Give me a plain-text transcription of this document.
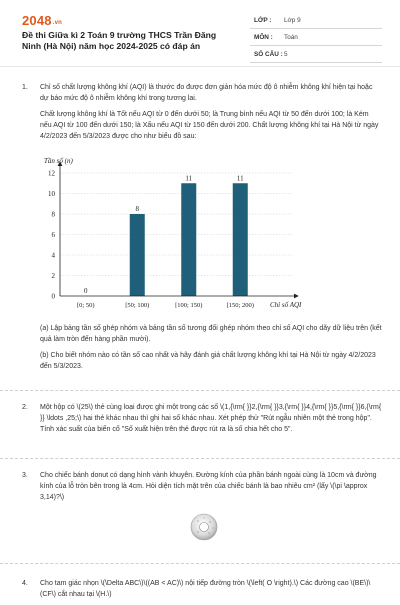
2048.vn
Đề thi Giữa kì 2 Toán 9 trường THCS Trần Đăng Ninh (Hà Nội) năm học 2024-2025 có đáp án
LỚP : Lớp 9
MÔN : Toán
SỐ CÂU : 5
1. Chỉ số chất lượng không khí (AQI) là thước đo được đơn giản hóa mức độ ô nhiễm không khí hiện tại hoặc dự báo mức độ ô nhiễm không khí trong tương lai.

Chất lượng không khí là Tốt nếu AQI từ 0 đến dưới 50; là Trung bình nếu AQI từ 50 đến dưới 100; là Kém nếu AQI từ 100 đến dưới 150; là Xấu nếu AQI từ 150 đến dưới 200. Chất lượng không khí tại Hà Nội từ ngày 4/2/2023 đến 5/3/2023 được cho như biểu đồ sau:

0
2
4
6
8
10
12
0
[0; 50)
8
[50; 100)
11
[100; 150)
11
[150; 200)
Tần số (n)
Chỉ số AQI

(a) Lập bảng tần số ghép nhóm và bảng tần số tương đối ghép nhóm theo chỉ số AQI cho dãy dữ liệu trên (kết quả làm tròn đến hàng phần mười).

(b) Cho biết nhóm nào có tần số cao nhất và hãy đánh giá chất lượng không khí tại Hà Nội từ ngày 4/2/2023 đến 5/3/2023.

2. Một hộp có \(25\) thẻ cùng loại được ghi một trong các số \(1,{\rm{ }}2,{\rm{ }}3,{\rm{ }}4,{\rm{ }}5,{\rm{ }}6,{\rm{ }} \ldots ,25;\) hai thẻ khác nhau thì ghi hai số khác nhau. Xét phép thử "Rút ngẫu nhiên một thẻ trong hộp". Tính xác suất của biến cố "Số xuất hiện trên thẻ được rút ra là số chia hết cho 5".

3. Cho chiếc bánh donut có dạng hình vành khuyên. Đường kính của phần bánh ngoài cùng là 10cm và đường kính của lỗ tròn bên trong là 4cm. Hỏi diện tích mặt trên của chiếc bánh là bao nhiêu cm² (lấy \(\pi \approx 3,14)?\)

4. Cho tam giác nhọn \(\Delta ABC\)\((AB < AC)\) nội tiếp đường tròn \(\left( O \right).\) Các đường cao \(BE\)\(CF\) cắt nhau tại \(H.\)
